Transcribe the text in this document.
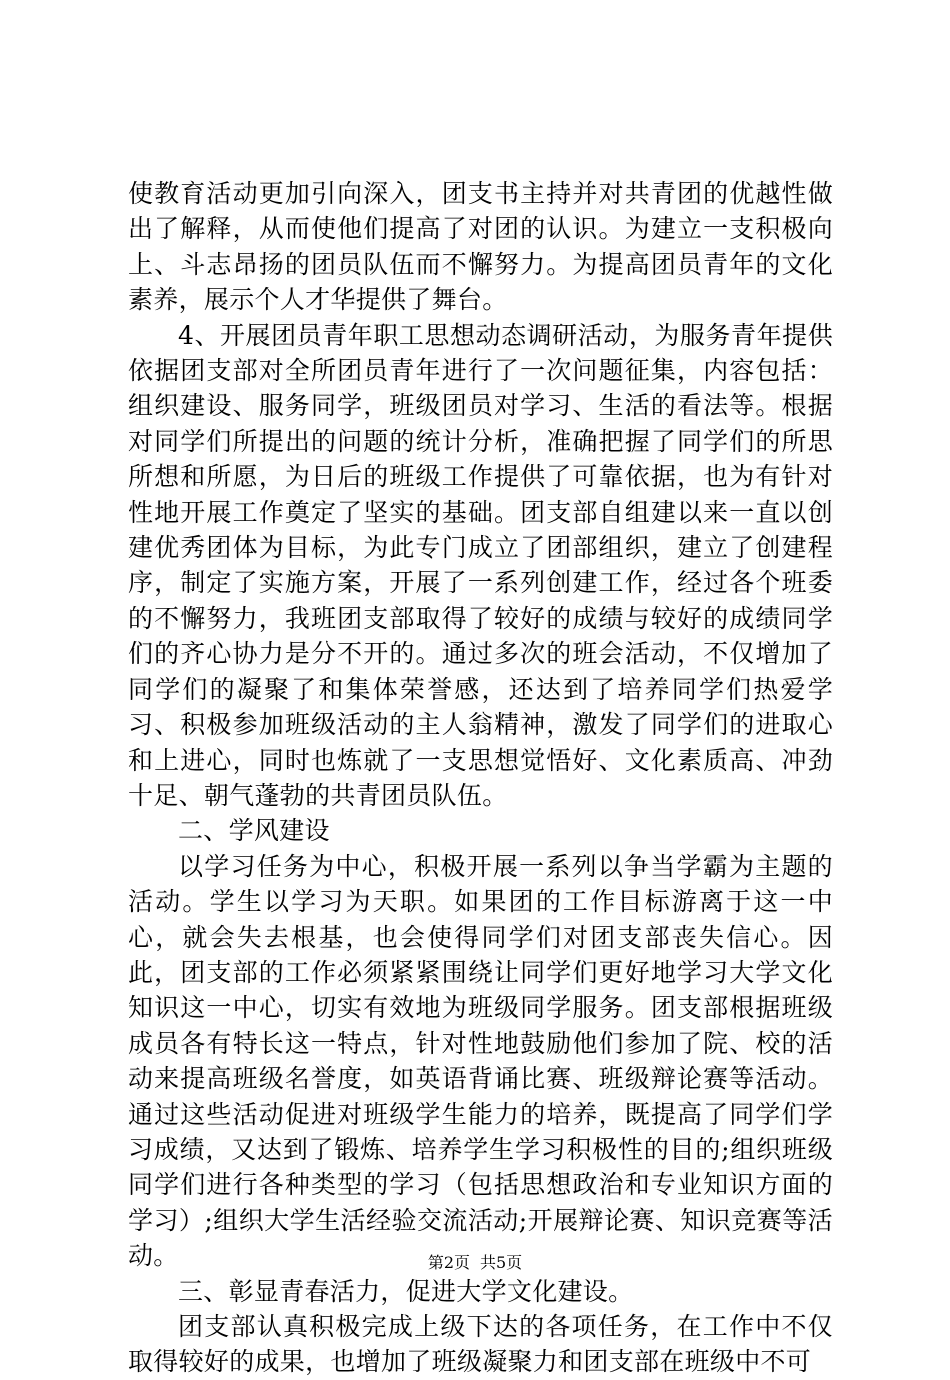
使教育活动更加引向深入，团支书主持并对共青团的优越性做出了解释，从而使他们提高了对团的认识。为建立一支积极向上、斗志昂扬的团员队伍而不懈努力。为提高团员青年的文化素养，展示个人才华提供了舞台。

4、开展团员青年职工思想动态调研活动，为服务青年提供依据团支部对全所团员青年进行了一次问题征集，内容包括：组织建设、服务同学，班级团员对学习、生活的看法等。根据对同学们所提出的问题的统计分析，准确把握了同学们的所思所想和所愿，为日后的班级工作提供了可靠依据，也为有针对性地开展工作奠定了坚实的基础。团支部自组建以来一直以创建优秀团体为目标，为此专门成立了团部组织，建立了创建程序，制定了实施方案，开展了一系列创建工作，经过各个班委的不懈努力，我班团支部取得了较好的成绩与较好的成绩同学们的齐心协力是分不开的。通过多次的班会活动，不仅增加了同学们的凝聚了和集体荣誉感，还达到了培养同学们热爱学习、积极参加班级活动的主人翁精神，激发了同学们的进取心和上进心，同时也炼就了一支思想觉悟好、文化素质高、冲劲十足、朝气蓬勃的共青团员队伍。

二、学风建设

以学习任务为中心，积极开展一系列以争当学霸为主题的活动。学生以学习为天职。如果团的工作目标游离于这一中心，就会失去根基，也会使得同学们对团支部丧失信心。因此，团支部的工作必须紧紧围绕让同学们更好地学习大学文化知识这一中心，切实有效地为班级同学服务。团支部根据班级成员各有特长这一特点，针对性地鼓励他们参加了院、校的活动来提高班级名誉度，如英语背诵比赛、班级辩论赛等活动。通过这些活动促进对班级学生能力的培养，既提高了同学们学习成绩，又达到了锻炼、培养学生学习积极性的目的;组织班级同学们进行各种类型的学习（包括思想政治和专业知识方面的学习）;组织大学生活经验交流活动;开展辩论赛、知识竞赛等活动。

三、彰显青春活力，促进大学文化建设。

团支部认真积极完成上级下达的各项任务，在工作中不仅取得较好的成果，也增加了班级凝聚力和团支部在班级中不可

第2页 共5页
